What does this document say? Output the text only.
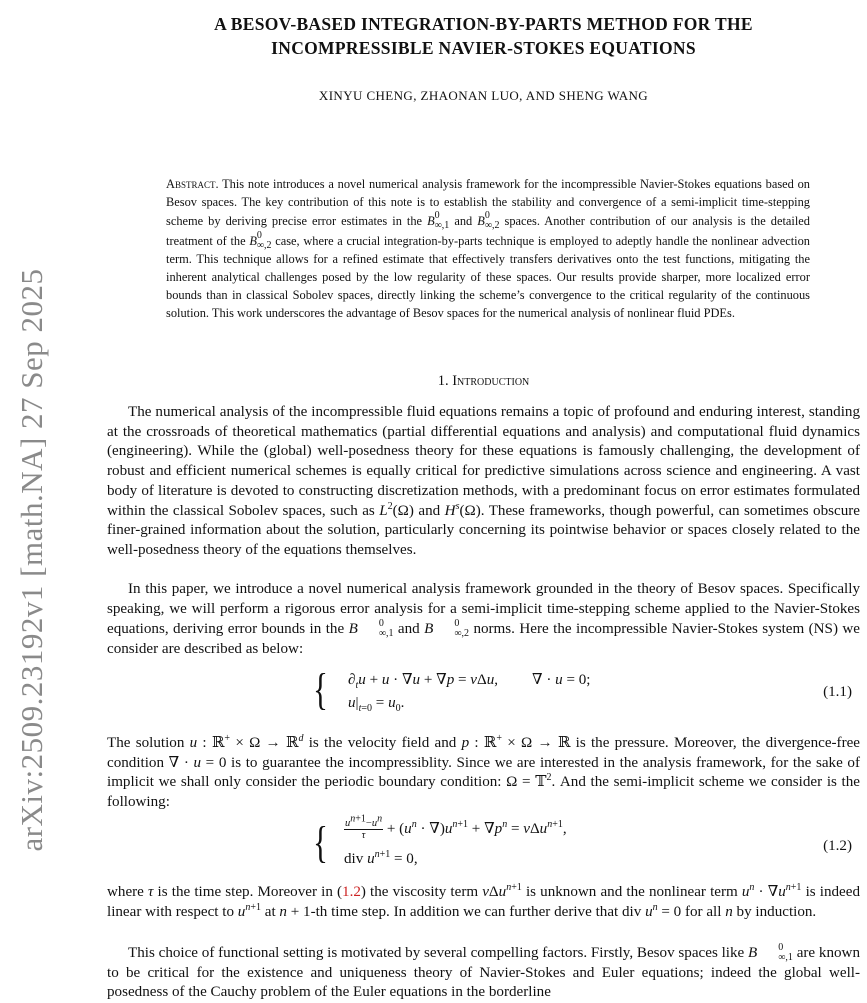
arXiv:2509.23192v1 [math.NA] 27 Sep 2025
A BESOV-BASED INTEGRATION-BY-PARTS METHOD FOR THE
INCOMPRESSIBLE NAVIER-STOKES EQUATIONS
XINYU CHENG, ZHAONAN LUO, AND SHENG WANG
Abstract. This note introduces a novel numerical analysis framework for the incompressible Navier-Stokes equations based on Besov spaces. The key contribution of this note is to establish the stability and convergence of a semi-implicit time-stepping scheme by deriving precise error estimates in the B 0
∞,1 and B 0
∞,2 spaces. Another contribution of our analysis is the detailed treatment of the B 0
∞,2 case, where a crucial integration-by-parts technique is employed to adeptly handle the nonlinear advection term. This technique allows for a refined estimate that effectively transfers derivatives onto the test functions, mitigating the inherent analytical challenges posed by the low regularity of these spaces. Our results provide sharper, more localized error bounds than in classical Sobolev spaces, directly linking the scheme’s convergence to the critical regularity of the continuous solution. This work underscores the advantage of Besov spaces for the numerical analysis of nonlinear fluid PDEs.
1. Introduction
The numerical analysis of the incompressible fluid equations remains a topic of profound and enduring interest, standing at the crossroads of theoretical mathematics (partial differential equations and analysis) and computational fluid dynamics (engineering). While the (global) well-posedness theory for these equations is famously challenging, the development of robust and efficient numerical schemes is equally critical for predictive simulations across science and engineering. A vast body of literature is devoted to constructing discretization methods, with a predominant focus on error estimates formulated within the classical Sobolev spaces, such as $L^2(\Omega)$ and $H^s(\Omega)$. These frameworks, though powerful, can sometimes obscure finer-grained information about the solution, particularly concerning its pointwise behavior or spaces closely related to the well-posedness theory of the equations themselves.
In this paper, we introduce a novel numerical analysis framework grounded in the theory of Besov spaces. Specifically speaking, we will perform a rigorous error analysis for a semi-implicit time-stepping scheme applied to the Navier-Stokes equations, deriving error bounds in the B	0
∞,1 and B	0
∞,2 norms. Here the incompressible Navier-Stokes system (NS) we consider are described as below:
{ $\partial_tu + u \cdot \nabla u + \nabla p = \nu\Delta u$,         ∇ · u = 0;
$u|_{t=0} = u_0$.
(1.1)
The solution u : ℝ+ × Ω → ℝ$^d$ is the velocity field and p : ℝ+ × Ω → ℝ is the pressure. Moreover, the divergence-free condition ∇ · u = 0 is to guarantee the incompressiblity. Since we are interested in the analysis framework, for the sake of implicit we shall only consider the periodic boundary condition: Ω = 𝕋$^2$. And the semi-implicit scheme we consider is the following:
{ $\frac{u^{n+1}-u^n}{\tau} + (u^n \cdot \nabla)u^{n+1} + \nabla p^n = \nu\Delta u^{n+1}$,
div $u^{n+1} = 0$,
(1.2)
where τ is the time step. Moreover in (1.2) the viscosity term νΔu$^{n+1}$ is unknown and the nonlinear term $u^n \cdot \nabla u^{n+1}$ is indeed linear with respect to $u^{n+1}$ at n + 1-th time step. In addition we can further derive that div $u^n = 0$ for all n by induction.
This choice of functional setting is motivated by several compelling factors. Firstly, Besov spaces like B	0
∞,1 are known to be critical for the existence and uniqueness theory of Navier-Stokes and Euler equations; indeed the global well-posedness of the Cauchy problem of the Euler equations in the borderline
